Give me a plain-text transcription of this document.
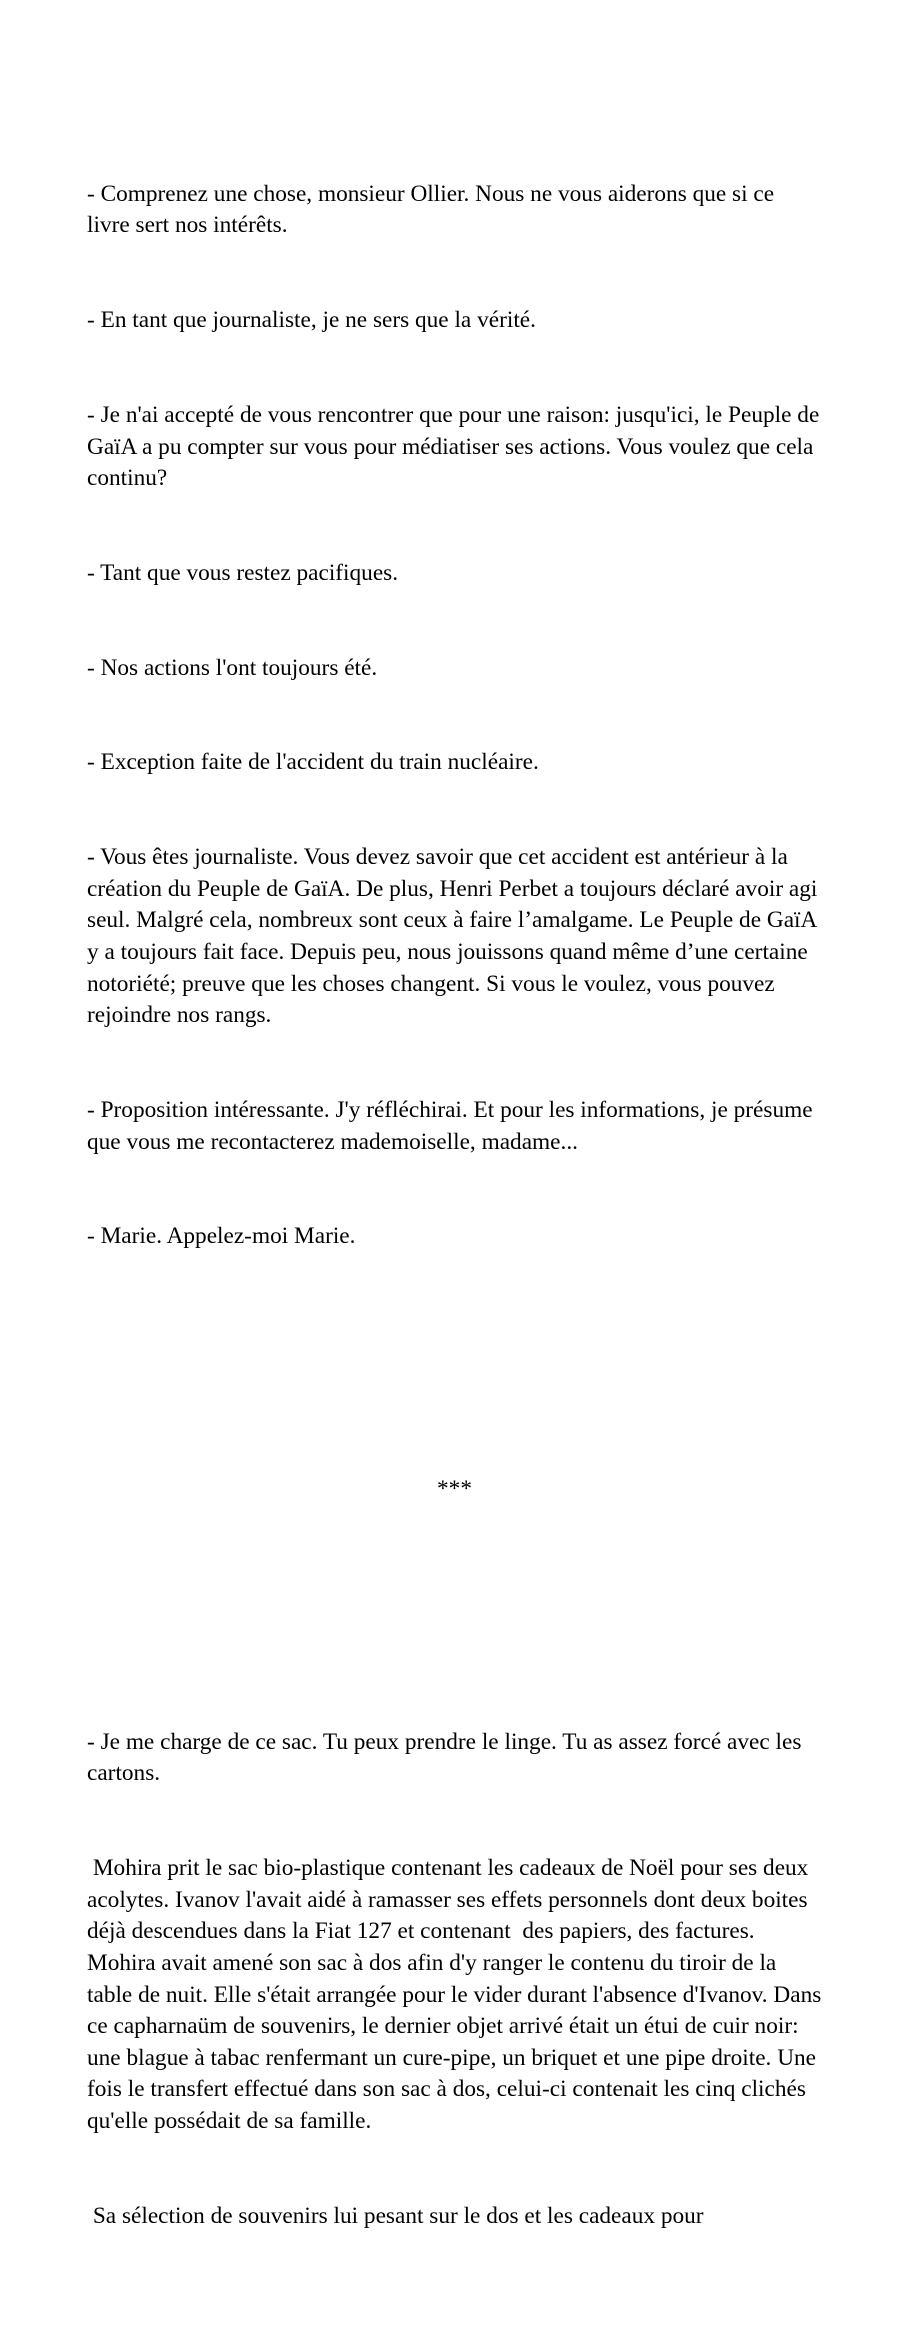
- Comprenez une chose, monsieur Ollier. Nous ne vous aiderons que si ce livre sert nos intérêts.

- En tant que journaliste, je ne sers que la vérité.

- Je n'ai accepté de vous rencontrer que pour une raison: jusqu'ici, le Peuple de GaïA a pu compter sur vous pour médiatiser ses actions. Vous voulez que cela continu?

- Tant que vous restez pacifiques.

- Nos actions l'ont toujours été.

- Exception faite de l'accident du train nucléaire.

- Vous êtes journaliste. Vous devez savoir que cet accident est antérieur à la création du Peuple de GaïA. De plus, Henri Perbet a toujours déclaré avoir agi seul. Malgré cela, nombreux sont ceux à faire l’amalgame. Le Peuple de GaïA y a toujours fait face. Depuis peu, nous jouissons quand même d’une certaine notoriété; preuve que les choses changent. Si vous le voulez, vous pouvez  rejoindre nos rangs.

- Proposition intéressante. J'y réfléchirai. Et pour les informations, je présume que vous me recontacterez mademoiselle, madame...

- Marie. Appelez-moi Marie.

***

- Je me charge de ce sac. Tu peux prendre le linge. Tu as assez forcé avec les cartons.

Mohira prit le sac bio-plastique contenant les cadeaux de Noël pour ses deux acolytes. Ivanov l'avait aidé à ramasser ses effets personnels dont deux boites déjà descendues dans la Fiat 127 et contenant  des papiers, des factures. Mohira avait amené son sac à dos afin d'y ranger le contenu du tiroir de la table de nuit. Elle s'était arrangée pour le vider durant l'absence d'Ivanov. Dans ce capharnaüm de souvenirs, le dernier objet arrivé était un étui de cuir noir: une blague à tabac renfermant un cure-pipe, un briquet et une pipe droite. Une fois le transfert effectué dans son sac à dos, celui-ci contenait les cinq clichés qu'elle possédait de sa famille.

Sa sélection de souvenirs lui pesant sur le dos et les cadeaux pour
